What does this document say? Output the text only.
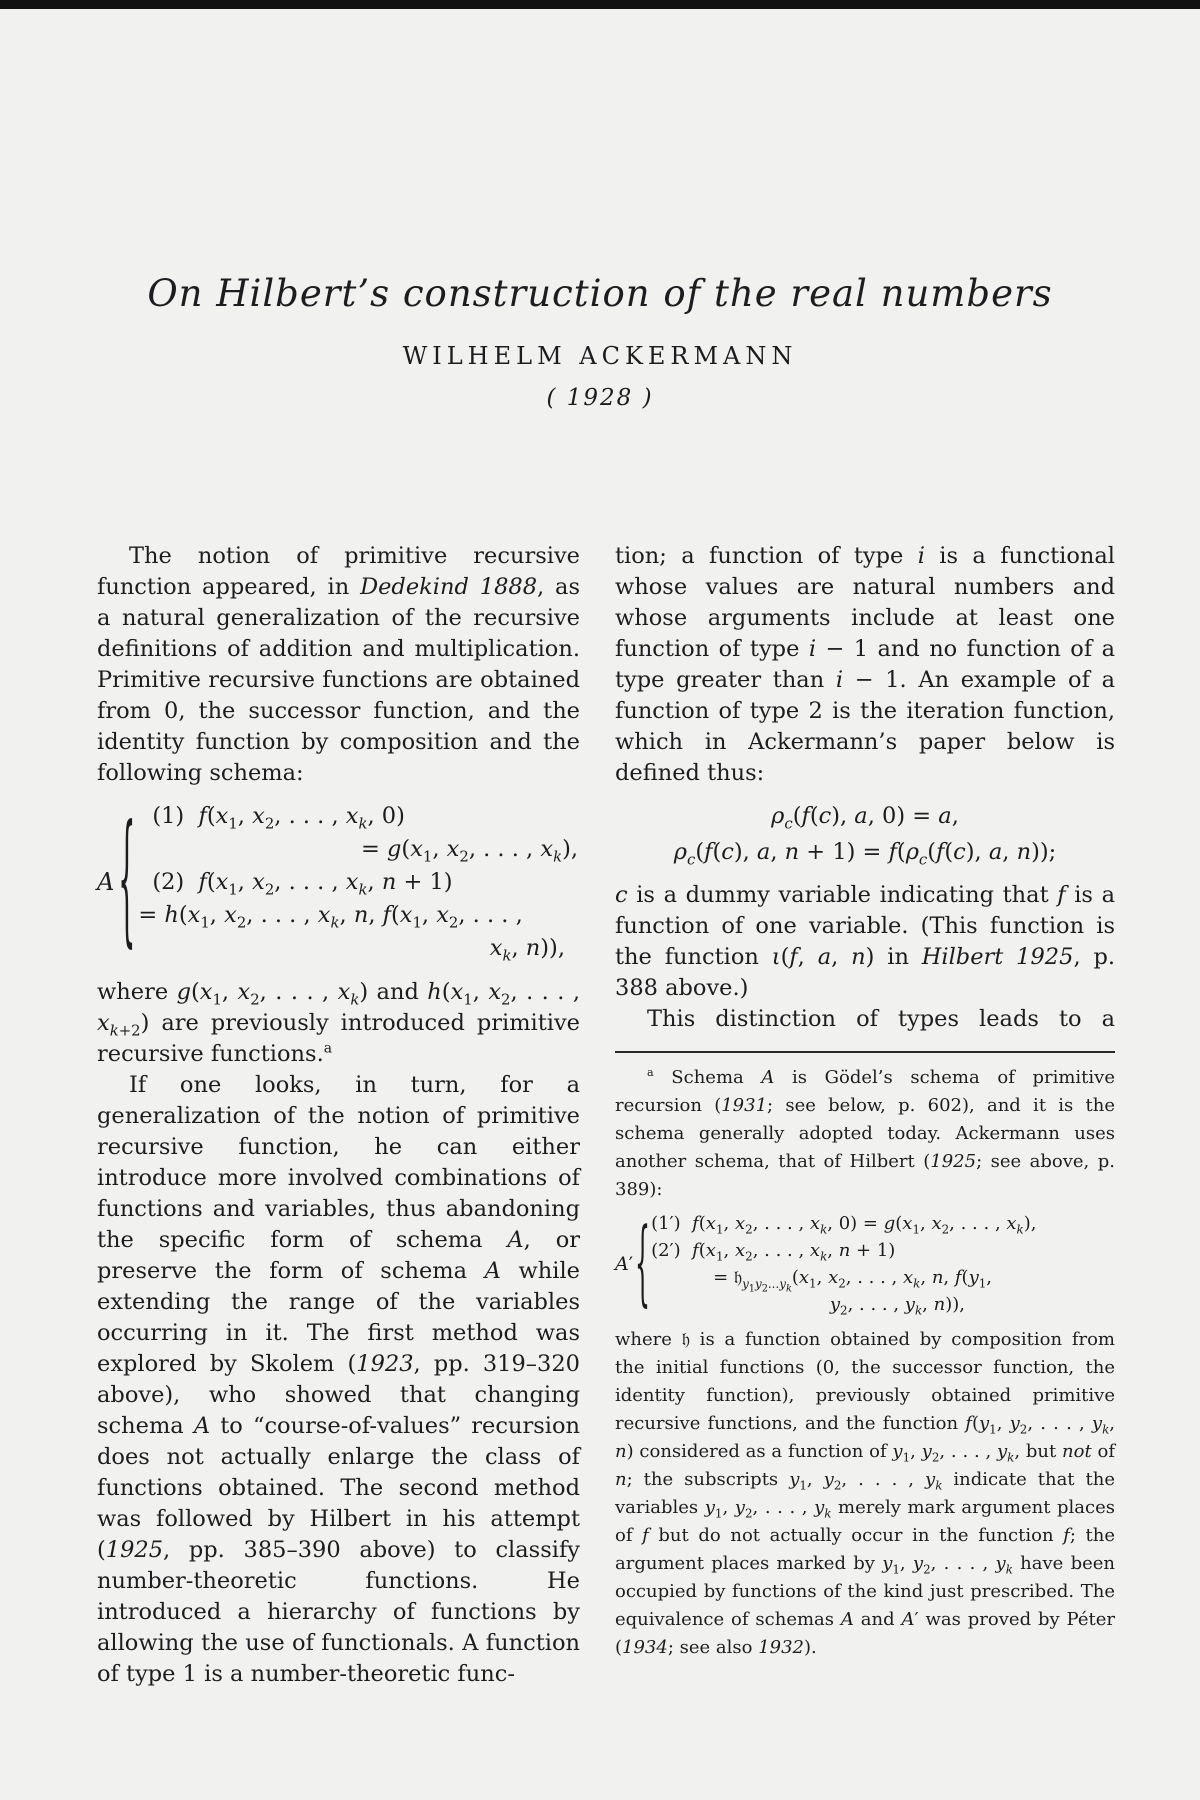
On Hilbert’s construction of the real numbers
WILHELM ACKERMANN
( 1928 )

The notion of primitive recursive function appeared, in Dedekind 1888, as a natural generalization of the recursive definitions of addition and multiplication. Primitive recursive functions are obtained from 0, the successor function, and the identity function by composition and the following schema:

A { (1)  $f(x_1$, $x_2$, . . . , $x_k$, 0)
= $g(x_1$, $x_2$, . . . , $x_k$),
(2)  $f(x_1$, $x_2$, . . . , $x_k$, n + 1)
= $h(x_1$, $x_2$, . . . , $x_k$, n, $f(x_1$, $x_2$, . . . ,
$x_k$, n)),

where $g(x_1$, $x_2$, . . . , $x_k$) and $h(x_1$, $x_2$, . . . , $x_{k+2}$) are previously introduced primitive recursive functions.$^a$

If one looks, in turn, for a generalization of the notion of primitive recursive function, he can either introduce more involved combinations of functions and variables, thus abandoning the specific form of schema A, or preserve the form of schema A while extending the range of the variables occurring in it. The first method was explored by Skolem (1923, pp. 319–320 above), who showed that changing schema A to “course-of-values” recursion does not actually enlarge the class of functions obtained. The second method was followed by Hilbert in his attempt (1925, pp. 385–390 above) to classify number-theoretic functions. He introduced a hierarchy of functions by allowing the use of functionals. A function of type 1 is a number-theoretic func-

tion; a function of type i is a functional whose values are natural numbers and whose arguments include at least one function of type i − 1 and no function of a type greater than i − 1. An example of a function of type 2 is the iteration function, which in Ackermann’s paper below is defined thus:

$\rho_c(f(c)$, a, 0) = a,
$\rho_c(f(c)$, a, $n + 1) = f(\rho_c(f(c)$, a, n));

c is a dummy variable indicating that f is a function of one variable. (This function is the function ι(f, a, n) in Hilbert 1925, p. 388 above.)

This distinction of types leads to a

$^a$ Schema A is Gödel’s schema of primitive recursion (1931; see below, p. 602), and it is the schema generally adopted today. Ackermann uses another schema, that of Hilbert (1925; see above, p. 389):

A′ { (1′)  $f(x_1$, $x_2$, . . . , $x_k$, $0) = g(x_1$, $x_2$, . . . , $x_k$),
(2′)  $f(x_1$, $x_2$, . . . , $x_k$, n + 1)
= $𝔥_{y_1y_2...y_k}(x_1$, $x_2$, . . . , $x_k$, n, $f(y_1$,
$y_2$, . . . , $y_k$, n)),

where 𝔥 is a function obtained by composition from the initial functions (0, the successor function, the identity function), previously obtained primitive recursive functions, and the function $f(y_1$, $y_2$, . . . , $y_k$, n) considered as a function of $y_1$, $y_2$, . . . , $y_k$, but not of n; the subscripts $y_1$, $y_2$, . . . , $y_k$ indicate that the variables $y_1$, $y_2$, . . . , $y_k$ merely mark argument places of f but do not actually occur in the function f; the argument places marked by $y_1$, $y_2$, . . . , $y_k$ have been occupied by functions of the kind just prescribed. The equivalence of schemas A and A′ was proved by Péter (1934; see also 1932).
